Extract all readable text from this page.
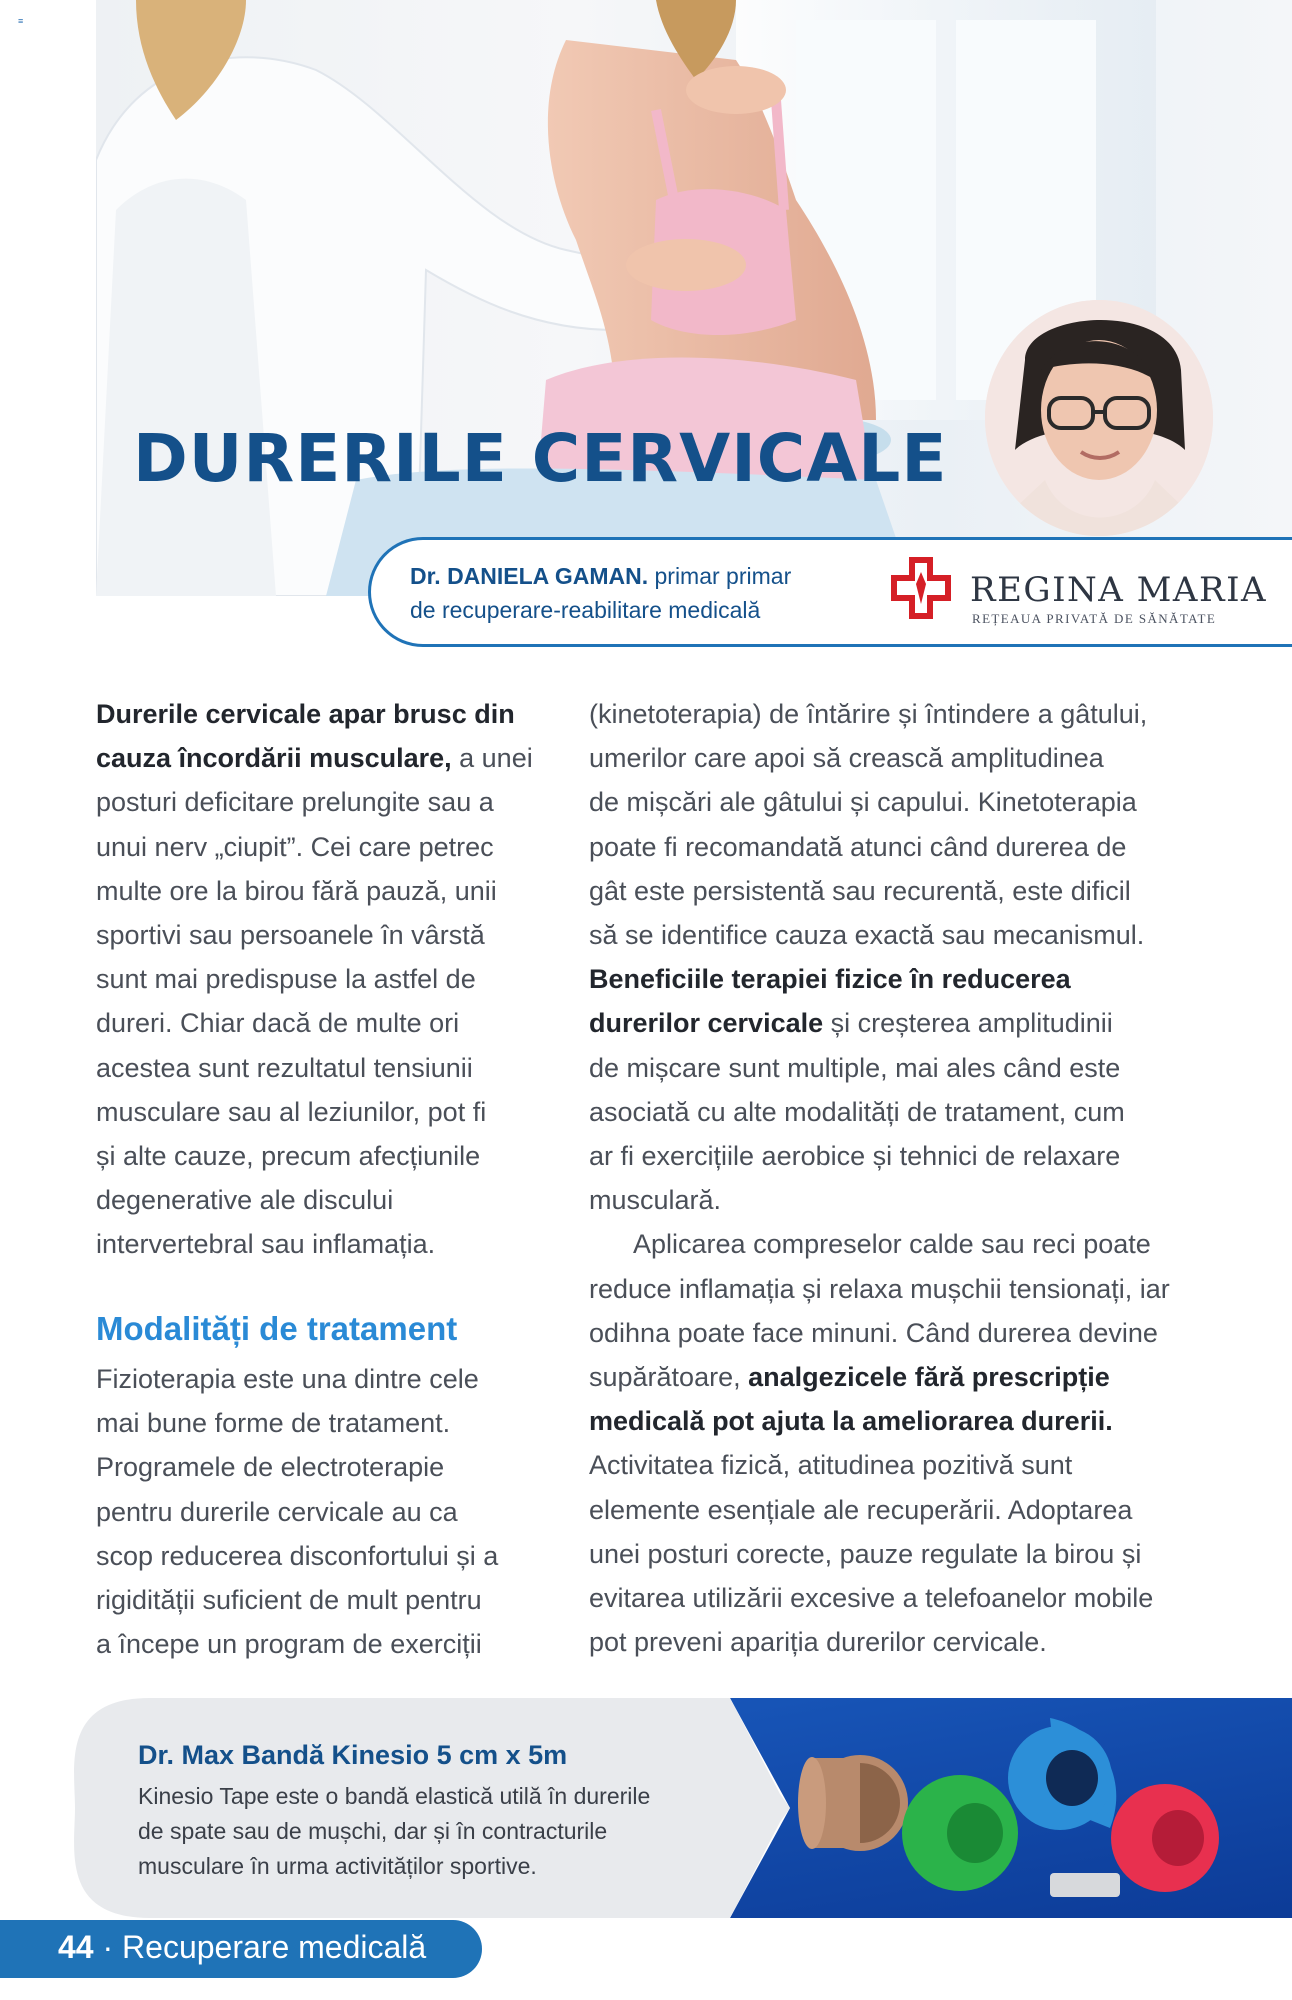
≡
DURERILE CERVICALE
Dr. DANIELA GAMAN. primar primar
de recuperare-reabilitare medicală	REGINA MARIA
REȚEAUA PRIVATĂ DE SĂNĂTATE
Durerile cervicale apar brusc din
cauza încordării musculare, a unei
posturi deficitare prelungite sau a
unui nerv „ciupit”. Cei care petrec
multe ore la birou fără pauză, unii
sportivi sau persoanele în vârstă
sunt mai predispuse la astfel de
dureri. Chiar dacă de multe ori
acestea sunt rezultatul tensiunii
musculare sau al leziunilor, pot fi
și alte cauze, precum afecțiunile
degenerative ale discului
intervertebral sau inflamația.
Modalități de tratament
Fizioterapia este una dintre cele
mai bune forme de tratament.
Programele de electroterapie
pentru durerile cervicale au ca
scop reducerea disconfortului și a
rigidității suficient de mult pentru
a începe un program de exerciții
(kinetoterapia) de întărire și întindere a gâtului,
umerilor care apoi să crească amplitudinea
de mișcări ale gâtului și capului. Kinetoterapia
poate fi recomandată atunci când durerea de
gât este persistentă sau recurentă, este dificil
să se identifice cauza exactă sau mecanismul.
Beneficiile terapiei fizice în reducerea
durerilor cervicale și creșterea amplitudinii
de mișcare sunt multiple, mai ales când este
asociată cu alte modalități de tratament, cum
ar fi exercițiile aerobice și tehnici de relaxare
musculară.
Aplicarea compreselor calde sau reci poate
reduce inflamația și relaxa mușchii tensionați, iar
odihna poate face minuni. Când durerea devine
supărătoare, analgezicele fără prescripție
medicală pot ajuta la ameliorarea durerii.
Activitatea fizică, atitudinea pozitivă sunt
elemente esențiale ale recuperării. Adoptarea
unei posturi corecte, pauze regulate la birou și
evitarea utilizării excesive a telefoanelor mobile
pot preveni apariția durerilor cervicale.
Dr. Max Bandă Kinesio 5 cm x 5m
Kinesio Tape este o bandă elastică utilă în durerile
de spate sau de mușchi, dar și în contracturile
musculare în urma activităților sportive.
44 · Recuperare medicală
